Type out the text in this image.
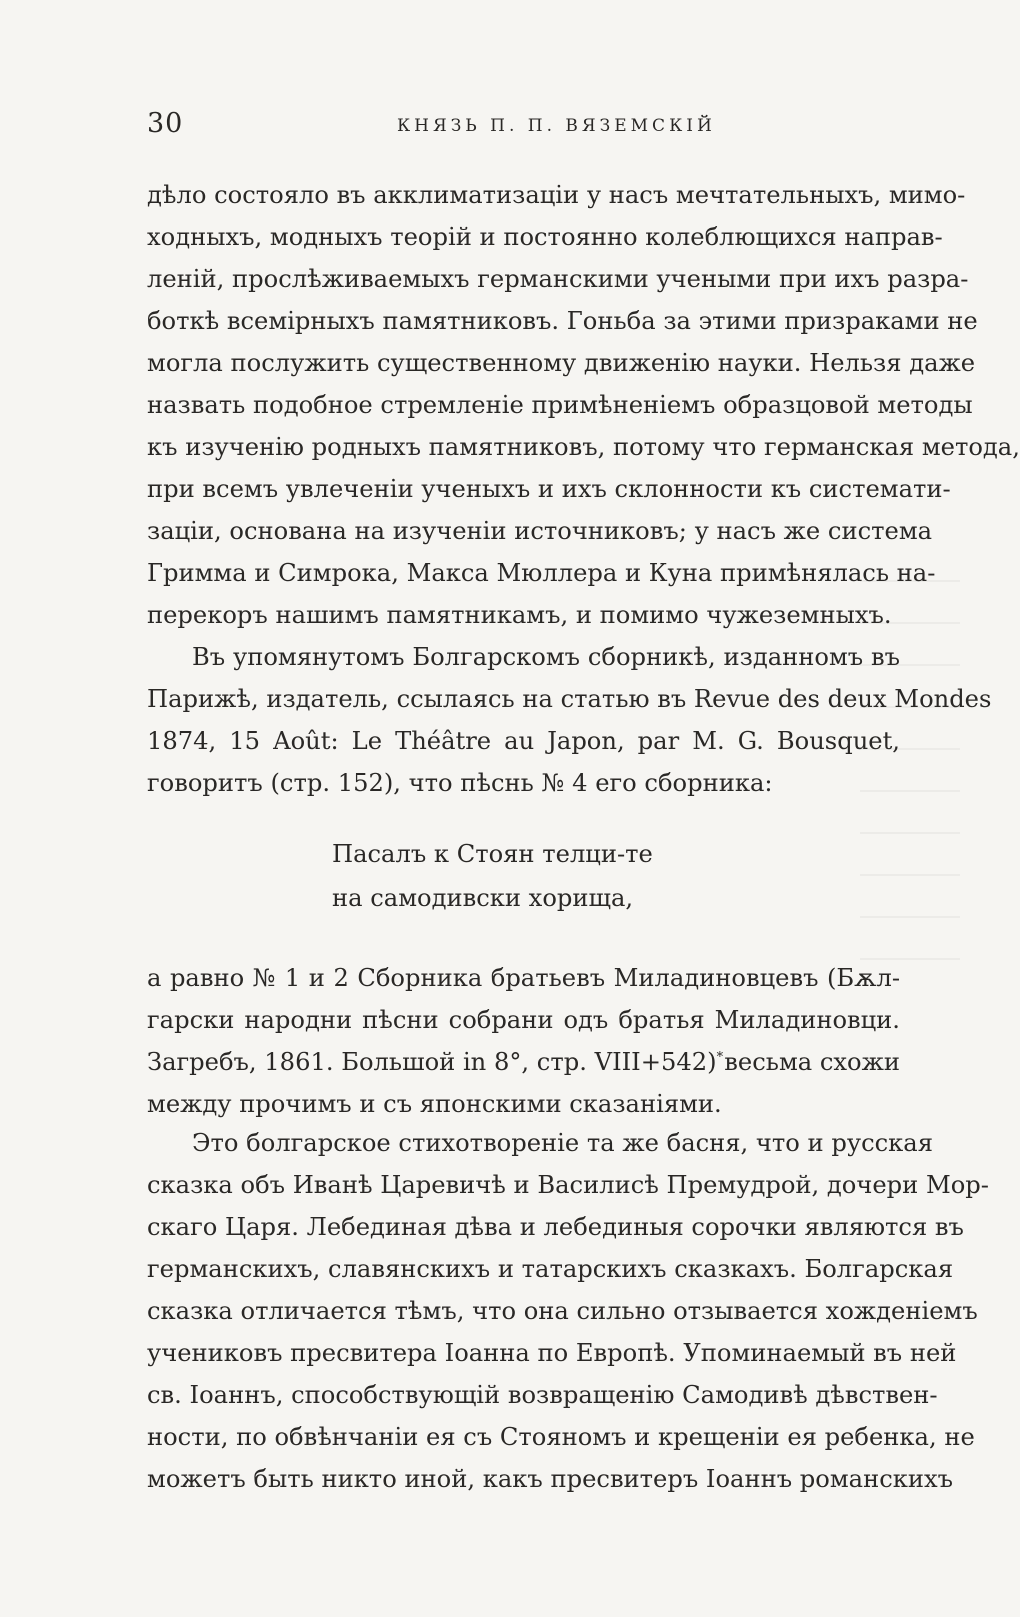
30	КНЯЗЬ П. П. ВЯЗЕМСКІЙ
дѣло состояло въ акклиматизаціи у насъ мечтательныхъ, мимо-
ходныхъ, модныхъ теорій и постоянно колеблющихся направ-
леній, прослѣживаемыхъ германскими учеными при ихъ разра-
боткѣ всемірныхъ памятниковъ. Гоньба за этими призраками не
могла послужить существенному движенію науки. Нельзя даже
назвать подобное стремленіе примѣненіемъ образцовой методы
къ изученію родныхъ памятниковъ, потому что германская метода,
при всемъ увлеченіи ученыхъ и ихъ склонности къ системати-
заціи, основана на изученіи источниковъ; у насъ же система
Гримма и Симрока, Макса Мюллера и Куна примѣнялась на-
перекоръ нашимъ памятникамъ, и помимо чужеземныхъ.
Въ упомянутомъ Болгарскомъ сборникѣ, изданномъ въ
Парижѣ, издатель, ссылаясь на статью въ Revue des deux Mondes
1874, 15 Août: Le Théâtre au Japon, par M. G. Bousquet,
говоритъ (стр. 152), что пѣснь № 4 его сборника:
Пасалъ к Стоян телци-те
на самодивски хорища,
а равно № 1 и 2 Сборника братьевъ Миладиновцевъ (Бѫл-
гарски народни пѣсни собрани одъ братья Миладиновци.
Загребъ, 1861. Большой in 8°, стр. VIII+542)* весьма схожи
между прочимъ и съ японскими сказаніями.
Это болгарское стихотвореніе та же басня, что и русская
сказка объ Иванѣ Царевичѣ и Василисѣ Премудрой, дочери Мор-
скаго Царя. Лебединая дѣва и лебединыя сорочки являются въ
германскихъ, славянскихъ и татарскихъ сказкахъ. Болгарская
сказка отличается тѣмъ, что она сильно отзывается хожденіемъ
учениковъ пресвитера Іоанна по Европѣ. Упоминаемый въ ней
св. Іоаннъ, способствующій возвращенію Самодивѣ дѣвствен-
ности, по обвѣнчаніи ея съ Стояномъ и крещеніи ея ребенка, не
можетъ быть никто иной, какъ пресвитеръ Іоаннъ романскихъ
